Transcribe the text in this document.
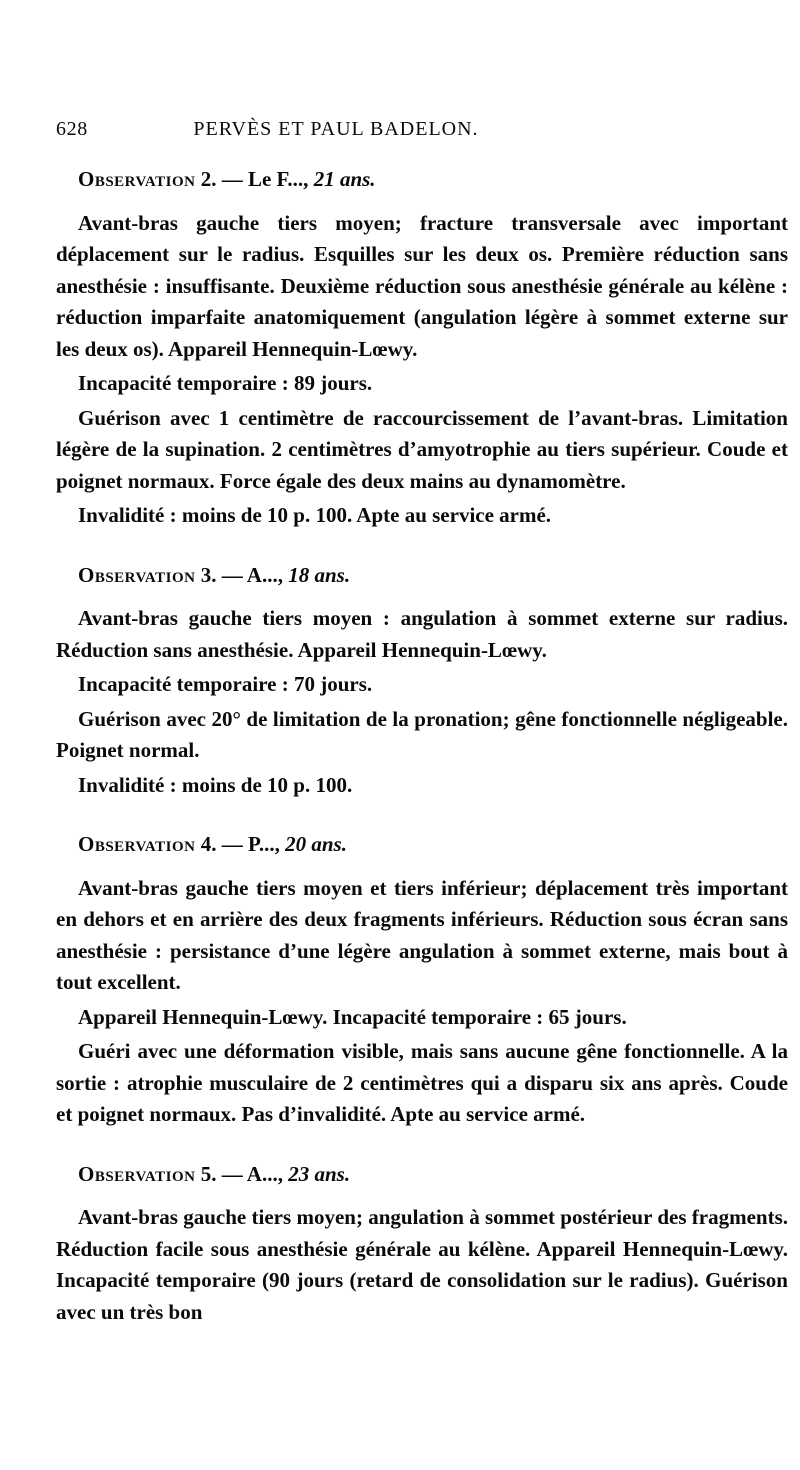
628	PERVÈS ET PAUL BADELON.

Observation 2. — Le F..., 21 ans.

Avant-bras gauche tiers moyen; fracture transversale avec important déplacement sur le radius. Esquilles sur les deux os. Première réduction sans anesthésie : insuffisante. Deuxième réduction sous anesthésie générale au kélène : réduction imparfaite anatomiquement (angulation légère à sommet externe sur les deux os). Appareil Hennequin-Lœwy.

Incapacité temporaire : 89 jours.

Guérison avec 1 centimètre de raccourcissement de l’avant-bras. Limitation légère de la supination. 2 centimètres d’amyotrophie au tiers supérieur. Coude et poignet normaux. Force égale des deux mains au dynamomètre.

Invalidité : moins de 10 p. 100. Apte au service armé.

Observation 3. — A..., 18 ans.

Avant-bras gauche tiers moyen : angulation à sommet externe sur radius. Réduction sans anesthésie. Appareil Hennequin-Lœwy.

Incapacité temporaire : 70 jours.

Guérison avec 20° de limitation de la pronation; gêne fonctionnelle négligeable. Poignet normal.

Invalidité : moins de 10 p. 100.

Observation 4. — P..., 20 ans.

Avant-bras gauche tiers moyen et tiers inférieur; déplacement très important en dehors et en arrière des deux fragments inférieurs. Réduction sous écran sans anesthésie : persistance d’une légère angulation à sommet externe, mais bout à tout excellent.

Appareil Hennequin-Lœwy. Incapacité temporaire : 65 jours.

Guéri avec une déformation visible, mais sans aucune gêne fonctionnelle. A la sortie : atrophie musculaire de 2 centimètres qui a disparu six ans après. Coude et poignet normaux. Pas d’invalidité. Apte au service armé.

Observation 5. — A..., 23 ans.

Avant-bras gauche tiers moyen; angulation à sommet postérieur des fragments. Réduction facile sous anesthésie générale au kélène. Appareil Hennequin-Lœwy. Incapacité temporaire (90 jours (retard de consolidation sur le radius). Guérison avec un très bon
